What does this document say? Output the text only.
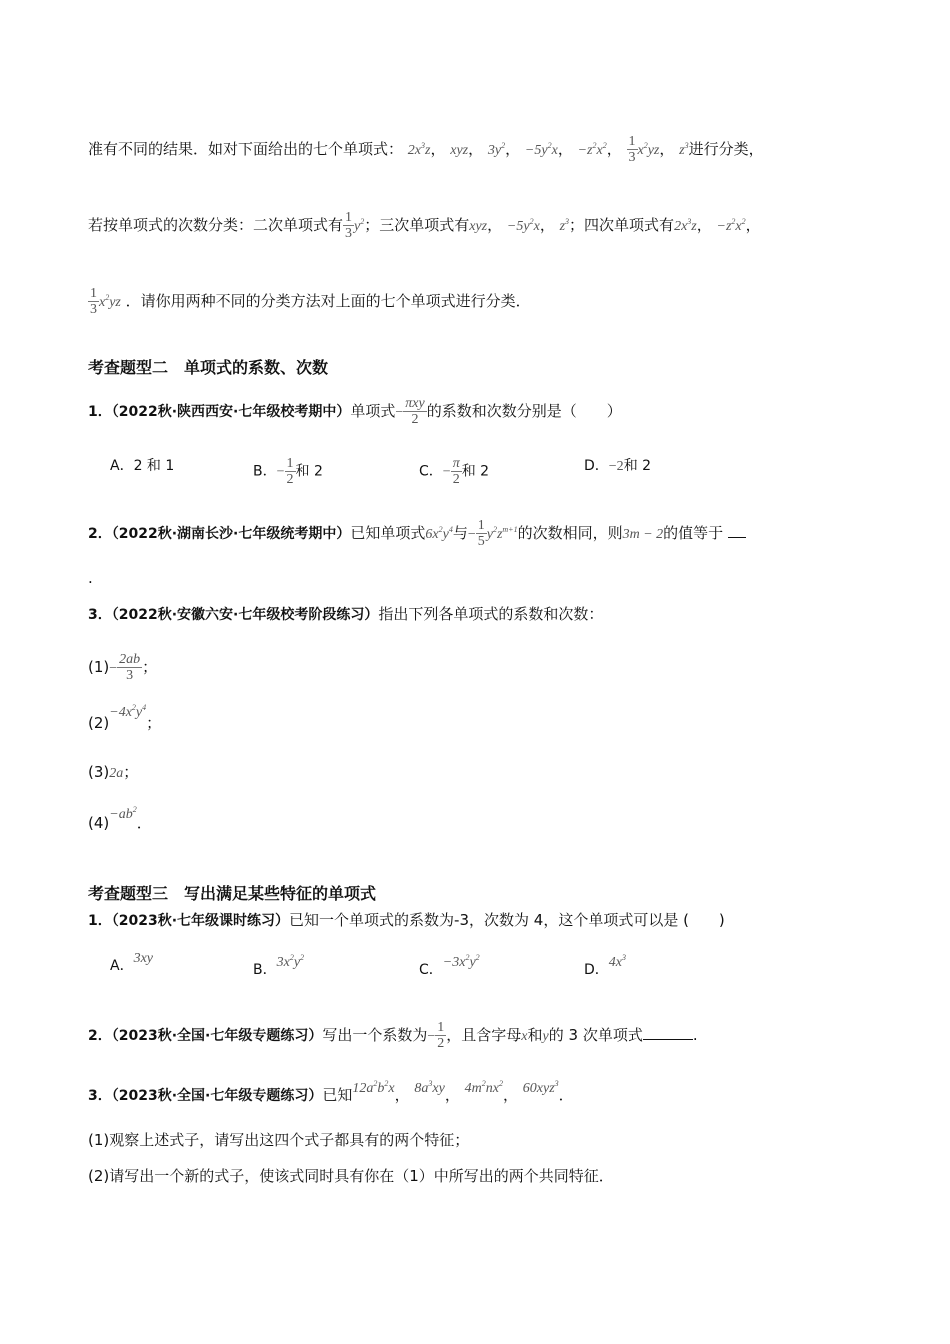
准有不同的结果．如对下面给出的七个单项式： $2x^3z$， xyz， $3y^2$， $-5y^2x$， $-z^2x^2$， $\frac{1}{3} x^2yz$， $z^3$进行分类，
若按单项式的次数分类：二次单项式有 $\frac{1}{3} y^2$；三次单项式有xyz， $-5y^2x$， $z^3$；四次单项式有$2x^3z$， $-z^2x^2$，
$\frac{1}{3} x^2yz$ ．请你用两种不同的分类方法对上面的七个单项式进行分类．
考查题型二　单项式的系数、次数
1．（2022秋·陕西西安·七年级校考期中）单项式− $\frac{\text{πxy}}{2}$ 的系数和次数分别是（　　）
A．2 和 1	B．− $\frac{1}{2}$ 和 2	C．− $\frac{\pi}{2}$ 和 2	D．−2和 2
2．（2022秋·湖南长沙·七年级统考期中）已知单项式$6x^2y^4$与− $\frac{1}{5} y^2z^{m+1}$的次数相同，则3m − 2的值等于
.
3．（2022秋·安徽六安·七年级校考阶段练习）指出下列各单项式的系数和次数：
$(1)- \frac{2ab}{3}$ ；
$(2)-4x^2y^4$；
(3)2a；
$(4)-ab^2$．
考查题型三　写出满足某些特征的单项式
1．（2023秋·七年级课时练习）已知一个单项式的系数为-3，次数为 4，这个单项式可以是 (　　)
A．3xy
B．$3x^2y^2$
C．$-3x^2y^2$
D．$4x^3$
2．（2023秋·全国·七年级专题练习）写出一个系数为− $\frac{1}{2}$ ，且含字母x和y的 3 次单项式	.
3．（2023秋·全国·七年级专题练习）已知$12a^2b^2x$， $8a^3xy$， $4m^2nx^2$， 60xyz$^3$．
(1)观察上述式子，请写出这四个式子都具有的两个特征；
(2)请写出一个新的式子，使该式同时具有你在（1）中所写出的两个共同特征．
